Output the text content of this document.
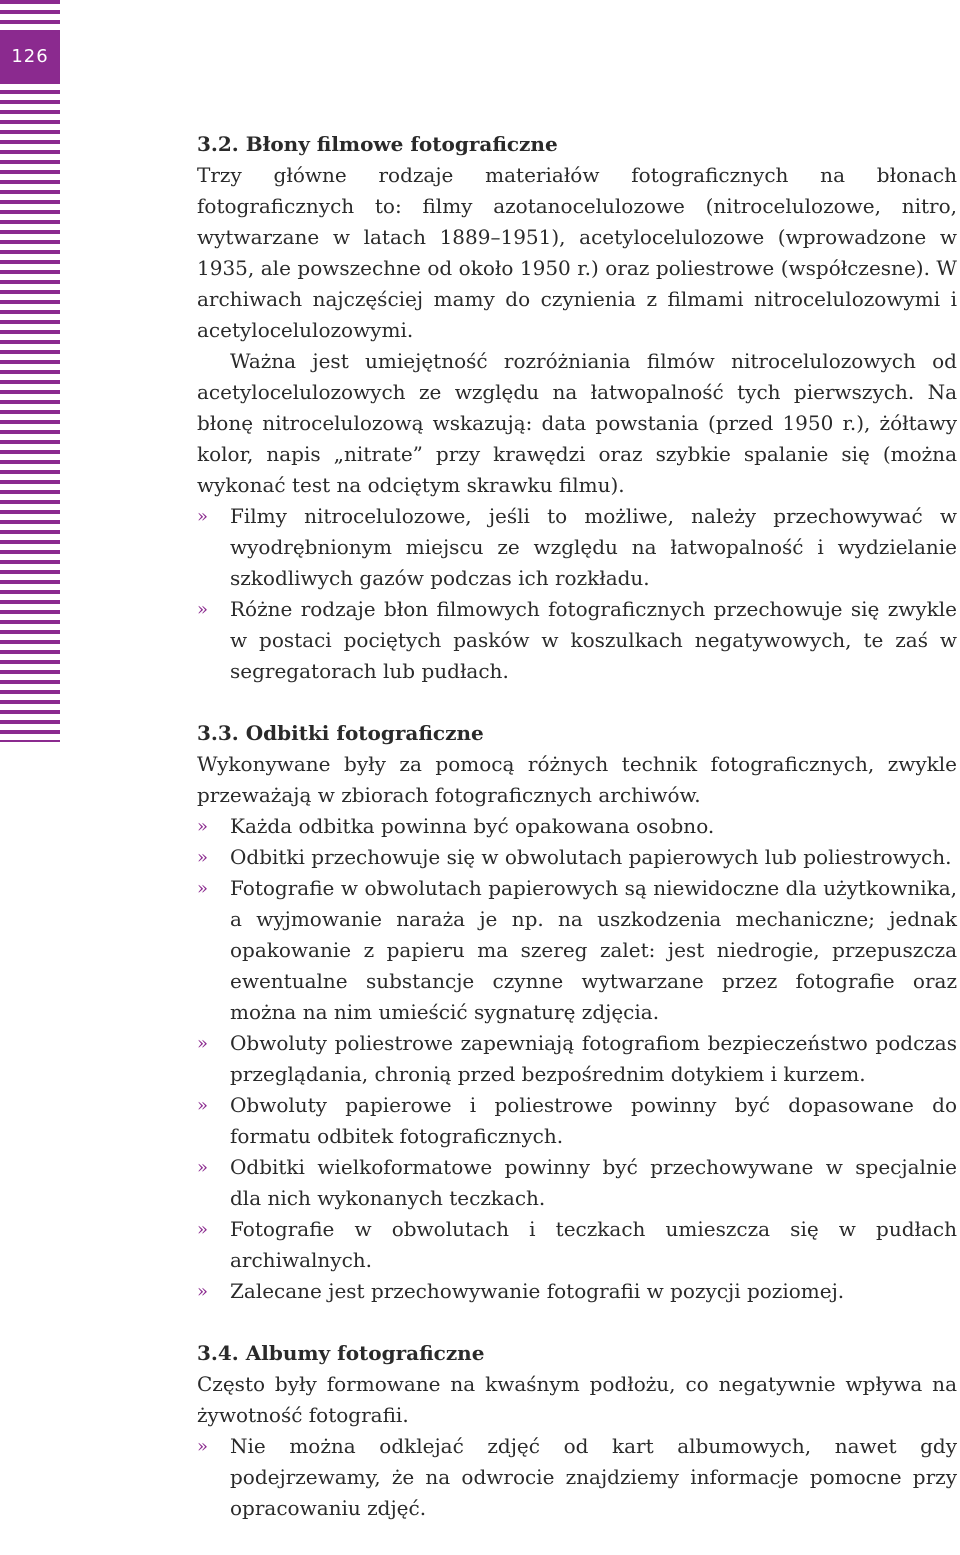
126
3.2. Błony filmowe fotograficzne

Trzy główne rodzaje materiałów fotograficznych na błonach fotograficznych to: filmy azotanocelulozowe (nitrocelulozowe, nitro, wytwarzane w latach 1889–1951), acetylocelulozowe (wprowadzone w 1935, ale powszechne od około 1950 r.) oraz poliestrowe (współczesne). W archiwach najczęściej mamy do czynienia z filmami nitrocelulozowymi i acetylocelulozowymi.

Ważna jest umiejętność rozróżniania filmów nitrocelulozowych od acetylocelulozowych ze względu na łatwopalność tych pierwszych. Na błonę nitrocelulozową wskazują: data powstania (przed 1950 r.), żółtawy kolor, napis „nitrate” przy krawędzi oraz szybkie spalanie się (można wykonać test na odciętym skrawku filmu).

» Filmy nitrocelulozowe, jeśli to możliwe, należy przechowywać w wyodrębnionym miejscu ze względu na łatwopalność i wydzielanie szkodliwych gazów podczas ich rozkładu.
» Różne rodzaje błon filmowych fotograficznych przechowuje się zwykle w postaci pociętych pasków w koszulkach negatywowych, te zaś w segregatorach lub pudłach.
3.3. Odbitki fotograficzne

Wykonywane były za pomocą różnych technik fotograficznych, zwykle przeważają w zbiorach fotograficznych archiwów.

» Każda odbitka powinna być opakowana osobno.
» Odbitki przechowuje się w obwolutach papierowych lub poliestrowych.
» Fotografie w obwolutach papierowych są niewidoczne dla użytkownika, a wyjmowanie naraża je np. na uszkodzenia mechaniczne; jednak opakowanie z papieru ma szereg zalet: jest niedrogie, przepuszcza ewentualne substancje czynne wytwarzane przez fotografie oraz można na nim umieścić sygnaturę zdjęcia.
» Obwoluty poliestrowe zapewniają fotografiom bezpieczeństwo podczas przeglądania, chronią przed bezpośrednim dotykiem i kurzem.
» Obwoluty papierowe i poliestrowe powinny być dopasowane do formatu odbitek fotograficznych.
» Odbitki wielkoformatowe powinny być przechowywane w specjalnie dla nich wykonanych teczkach.
» Fotografie w obwolutach i teczkach umieszcza się w pudłach archiwalnych.
» Zalecane jest przechowywanie fotografii w pozycji poziomej.
3.4. Albumy fotograficzne

Często były formowane na kwaśnym podłożu, co negatywnie wpływa na żywotność fotografii.

» Nie można odklejać zdjęć od kart albumowych, nawet gdy podejrzewamy, że na odwrocie znajdziemy informacje pomocne przy opracowaniu zdjęć.
